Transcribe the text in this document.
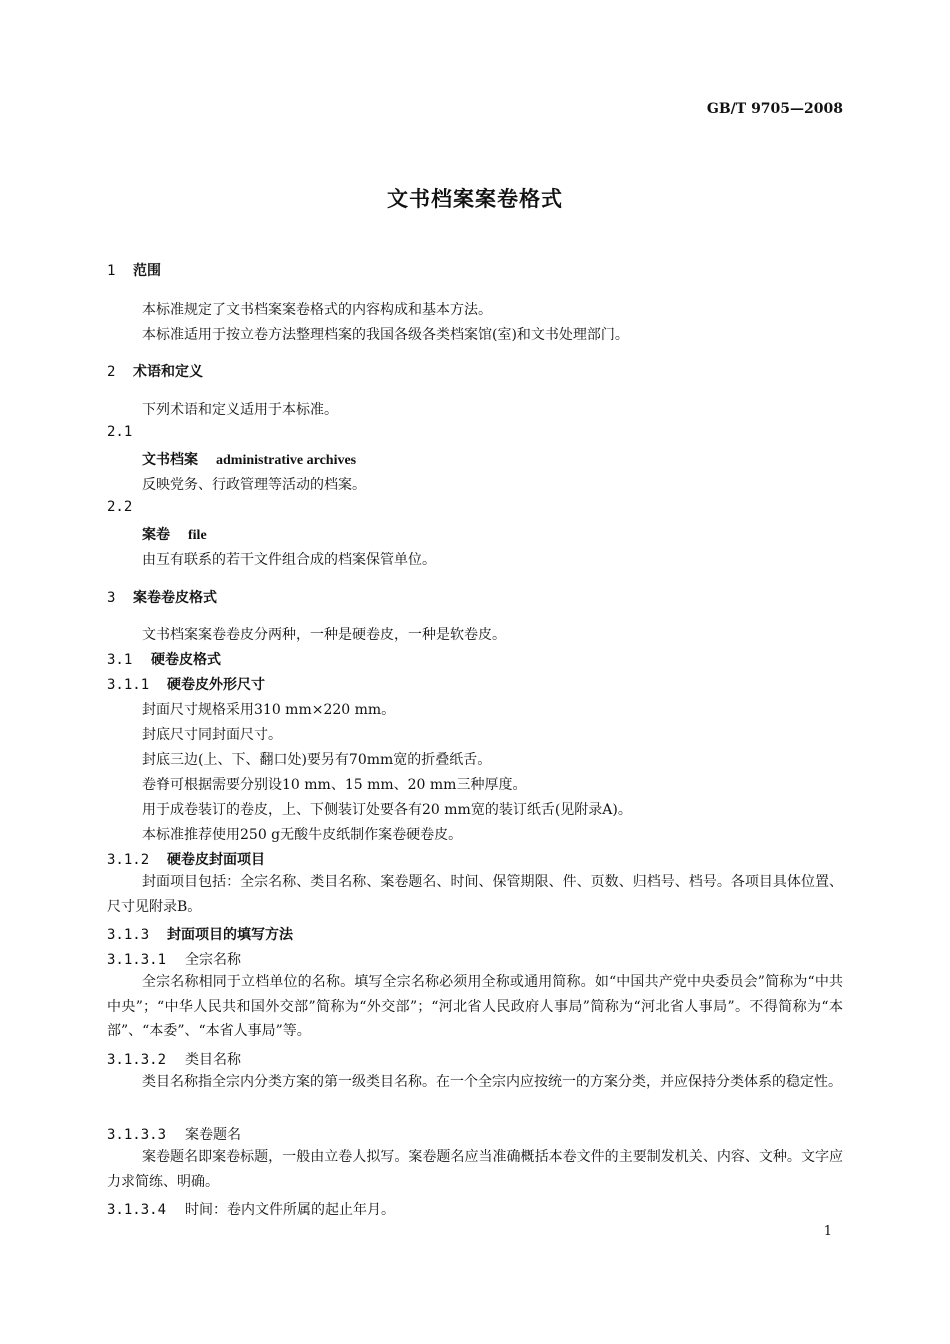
GB/T 9705—2008
文书档案案卷格式
1 范围
本标准规定了文书档案案卷格式的内容构成和基本方法。
本标准适用于按立卷方法整理档案的我国各级各类档案馆(室)和文书处理部门。
2 术语和定义
下列术语和定义适用于本标准。
2.1
文书档案 administrative archives
反映党务、行政管理等活动的档案。
2.2
案卷 file
由互有联系的若干文件组合成的档案保管单位。
3 案卷卷皮格式
文书档案案卷卷皮分两种，一种是硬卷皮，一种是软卷皮。
3.1 硬卷皮格式
3.1.1 硬卷皮外形尺寸
封面尺寸规格采用310 mm×220 mm。
封底尺寸同封面尺寸。
封底三边(上、下、翻口处)要另有70mm宽的折叠纸舌。
卷脊可根据需要分别设10 mm、15 mm、20 mm三种厚度。
用于成卷装订的卷皮，上、下侧装订处要各有20 mm宽的装订纸舌(见附录A)。
本标准推荐使用250 g无酸牛皮纸制作案卷硬卷皮。
3.1.2 硬卷皮封面项目
封面项目包括：全宗名称、类目名称、案卷题名、时间、保管期限、件、页数、归档号、档号。各项目具体位置、尺寸见附录B。
3.1.3 封面项目的填写方法
3.1.3.1 全宗名称
全宗名称相同于立档单位的名称。填写全宗名称必须用全称或通用简称。如“中国共产党中央委员会”简称为“中共中央”；“中华人民共和国外交部”简称为“外交部”；“河北省人民政府人事局”简称为“河北省人事局”。不得简称为“本部”、“本委”、“本省人事局”等。
3.1.3.2 类目名称
类目名称指全宗内分类方案的第一级类目名称。在一个全宗内应按统一的方案分类，并应保持分类体系的稳定性。
3.1.3.3 案卷题名
案卷题名即案卷标题，一般由立卷人拟写。案卷题名应当准确概括本卷文件的主要制发机关、内容、文种。文字应力求简练、明确。
3.1.3.4 时间：卷内文件所属的起止年月。
1
